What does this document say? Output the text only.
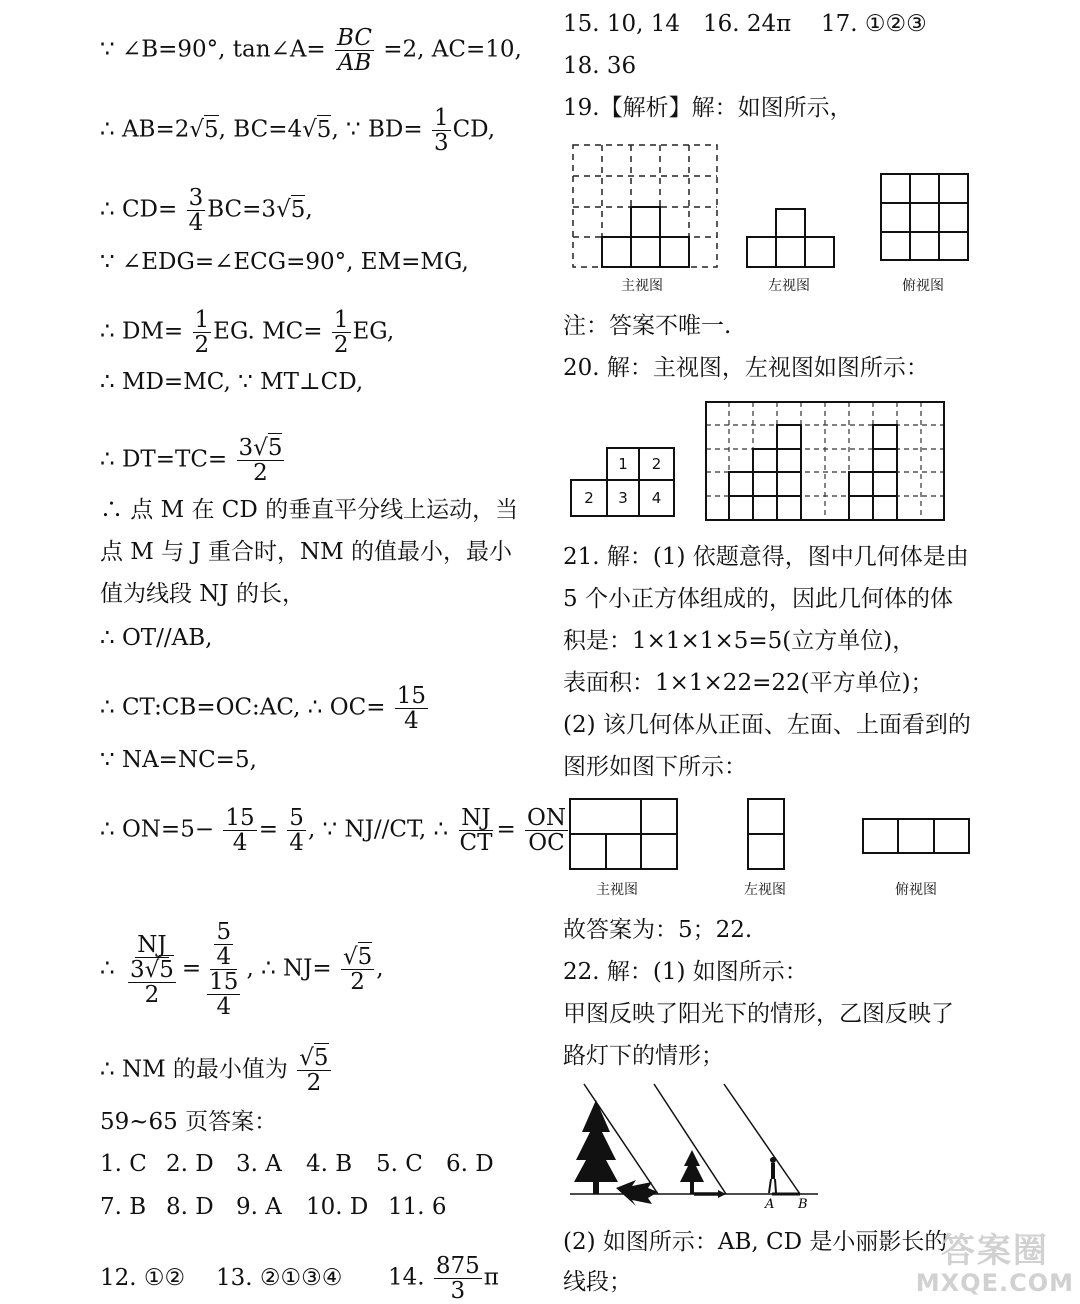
∵ ∠B=90°, tan∠A= $\frac{BC}{AB} =2$, AC=10,
∴ AB=2√5, BC=4√5, ∵ $BD= \frac{1}{3}$ CD,
∴ $CD= \frac{3}{4} BC=3√5$,
∵ ∠EDG=∠ECG=90°, EM=MG,
∴ $DM= \frac{1}{2}$ EG. $MC= \frac{1}{2}$ EG,
∴ MD=MC, ∵ MT⊥CD,
∴ $DT=TC= \frac{3√5}{2}$
∴ 点 M 在 CD 的垂直平分线上运动，当
点 M 与 J 重合时，NM 的值最小，最小
值为线段 NJ 的长，
∴ OT//AB,
∴ CT:CB=OC:AC, ∴ $OC= \frac{15}{4}$
∵ NA=NC=5,
∴ $ON=5- \frac{15}{4} = \frac{5}{4}$ , ∵ NJ//CT, ∴ $\frac{NJ}{CT} = \frac{ON}{OC}$
∴ $\frac{NJ}{\frac{3√5}{2}} = \frac{\frac{5}{4}}{\frac{15}{4}}$ , ∴ $NJ= \frac{√5}{2}$ ,
∴ NM 的最小值为 $\frac{√5}{2}$
59~65 页答案：
1. C 2. D 3. A 4. B 5. C 6. D
7. B 8. D 9. A 10. D 11. 6
12. ①② 13. ②①③④ 14. $\frac{875}{3}$ π
15. 10, 14 16. 24π 17. ①②③
18. 36
19.【解析】解：如图所示，
主视图	左视图	俯视图
注：答案不唯一.
20. 解：主视图，左视图如图所示：
1 2
2 3 4
21. 解：(1) 依题意得，图中几何体是由
5 个小正方体组成的，因此几何体的体
积是：1×1×1×5=5(立方单位)，
表面积：1×1×22=22(平方单位)；
(2) 该几何体从正面、左面、上面看到的
图形如图下所示：
主视图	左视图	俯视图
故答案为：5；22.
22. 解：(1) 如图所示：
甲图反映了阳光下的情形，乙图反映了
路灯下的情形；
A B
(2) 如图所示：AB, CD 是小丽影长的
线段；
答案圈
MXQE.COM
